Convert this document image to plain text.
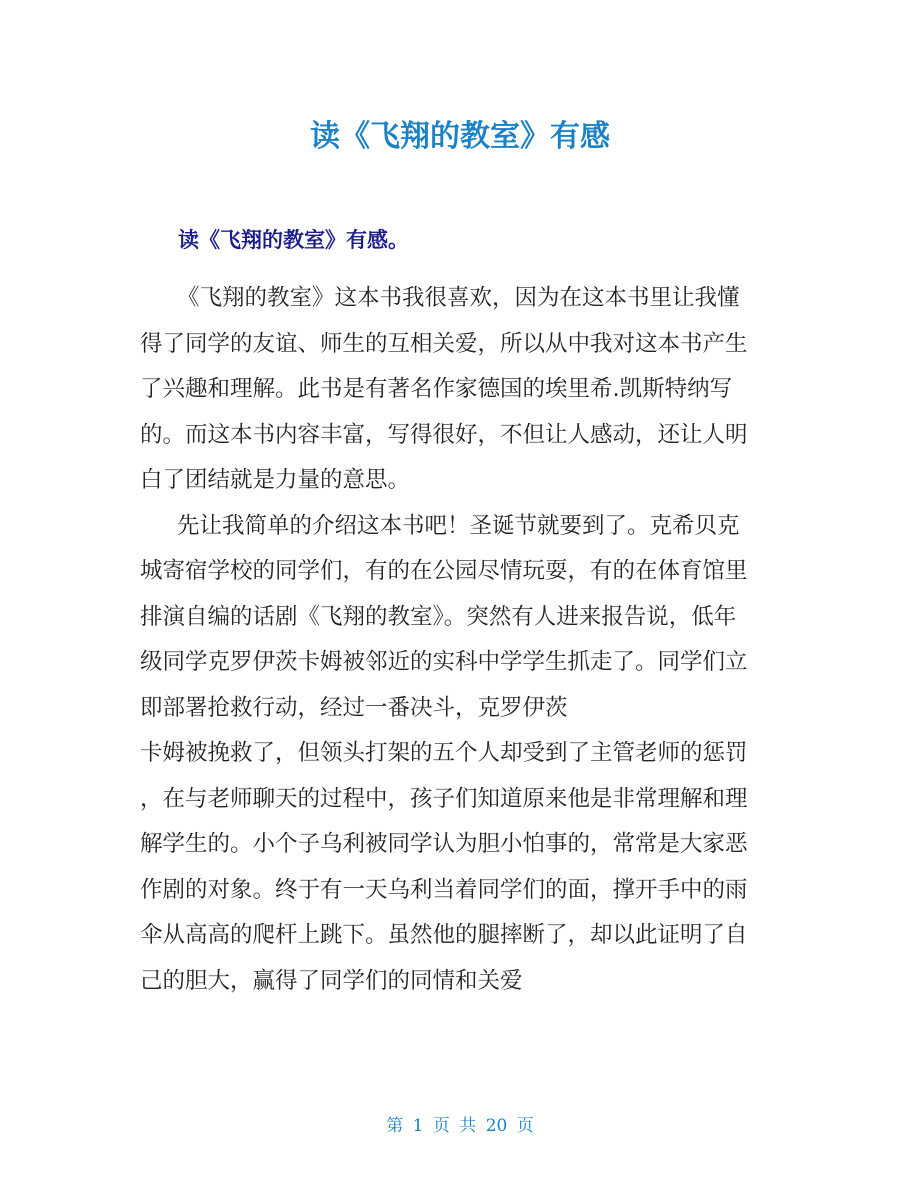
读《飞翔的教室》有感

读《飞翔的教室》有感。

《飞翔的教室》这本书我很喜欢，因为在这本书里让我懂

得了同学的友谊、师生的互相关爱，所以从中我对这本书产生

了兴趣和理解。此书是有著名作家德国的埃里希.凯斯特纳写

的。而这本书内容丰富，写得很好，不但让人感动，还让人明

白了团结就是力量的意思。

先让我简单的介绍这本书吧！圣诞节就要到了。克希贝克

城寄宿学校的同学们，有的在公园尽情玩耍，有的在体育馆里

排演自编的话剧《飞翔的教室》。突然有人进来报告说，低年

级同学克罗伊茨卡姆被邻近的实科中学学生抓走了。同学们立

即部署抢救行动，经过一番决斗，克罗伊茨

卡姆被挽救了，但领头打架的五个人却受到了主管老师的惩罚

，在与老师聊天的过程中，孩子们知道原来他是非常理解和理

解学生的。小个子乌利被同学认为胆小怕事的，常常是大家恶

作剧的对象。终于有一天乌利当着同学们的面，撑开手中的雨

伞从高高的爬杆上跳下。虽然他的腿摔断了，却以此证明了自

己的胆大，赢得了同学们的同情和关爱

第 1 页 共 20 页
